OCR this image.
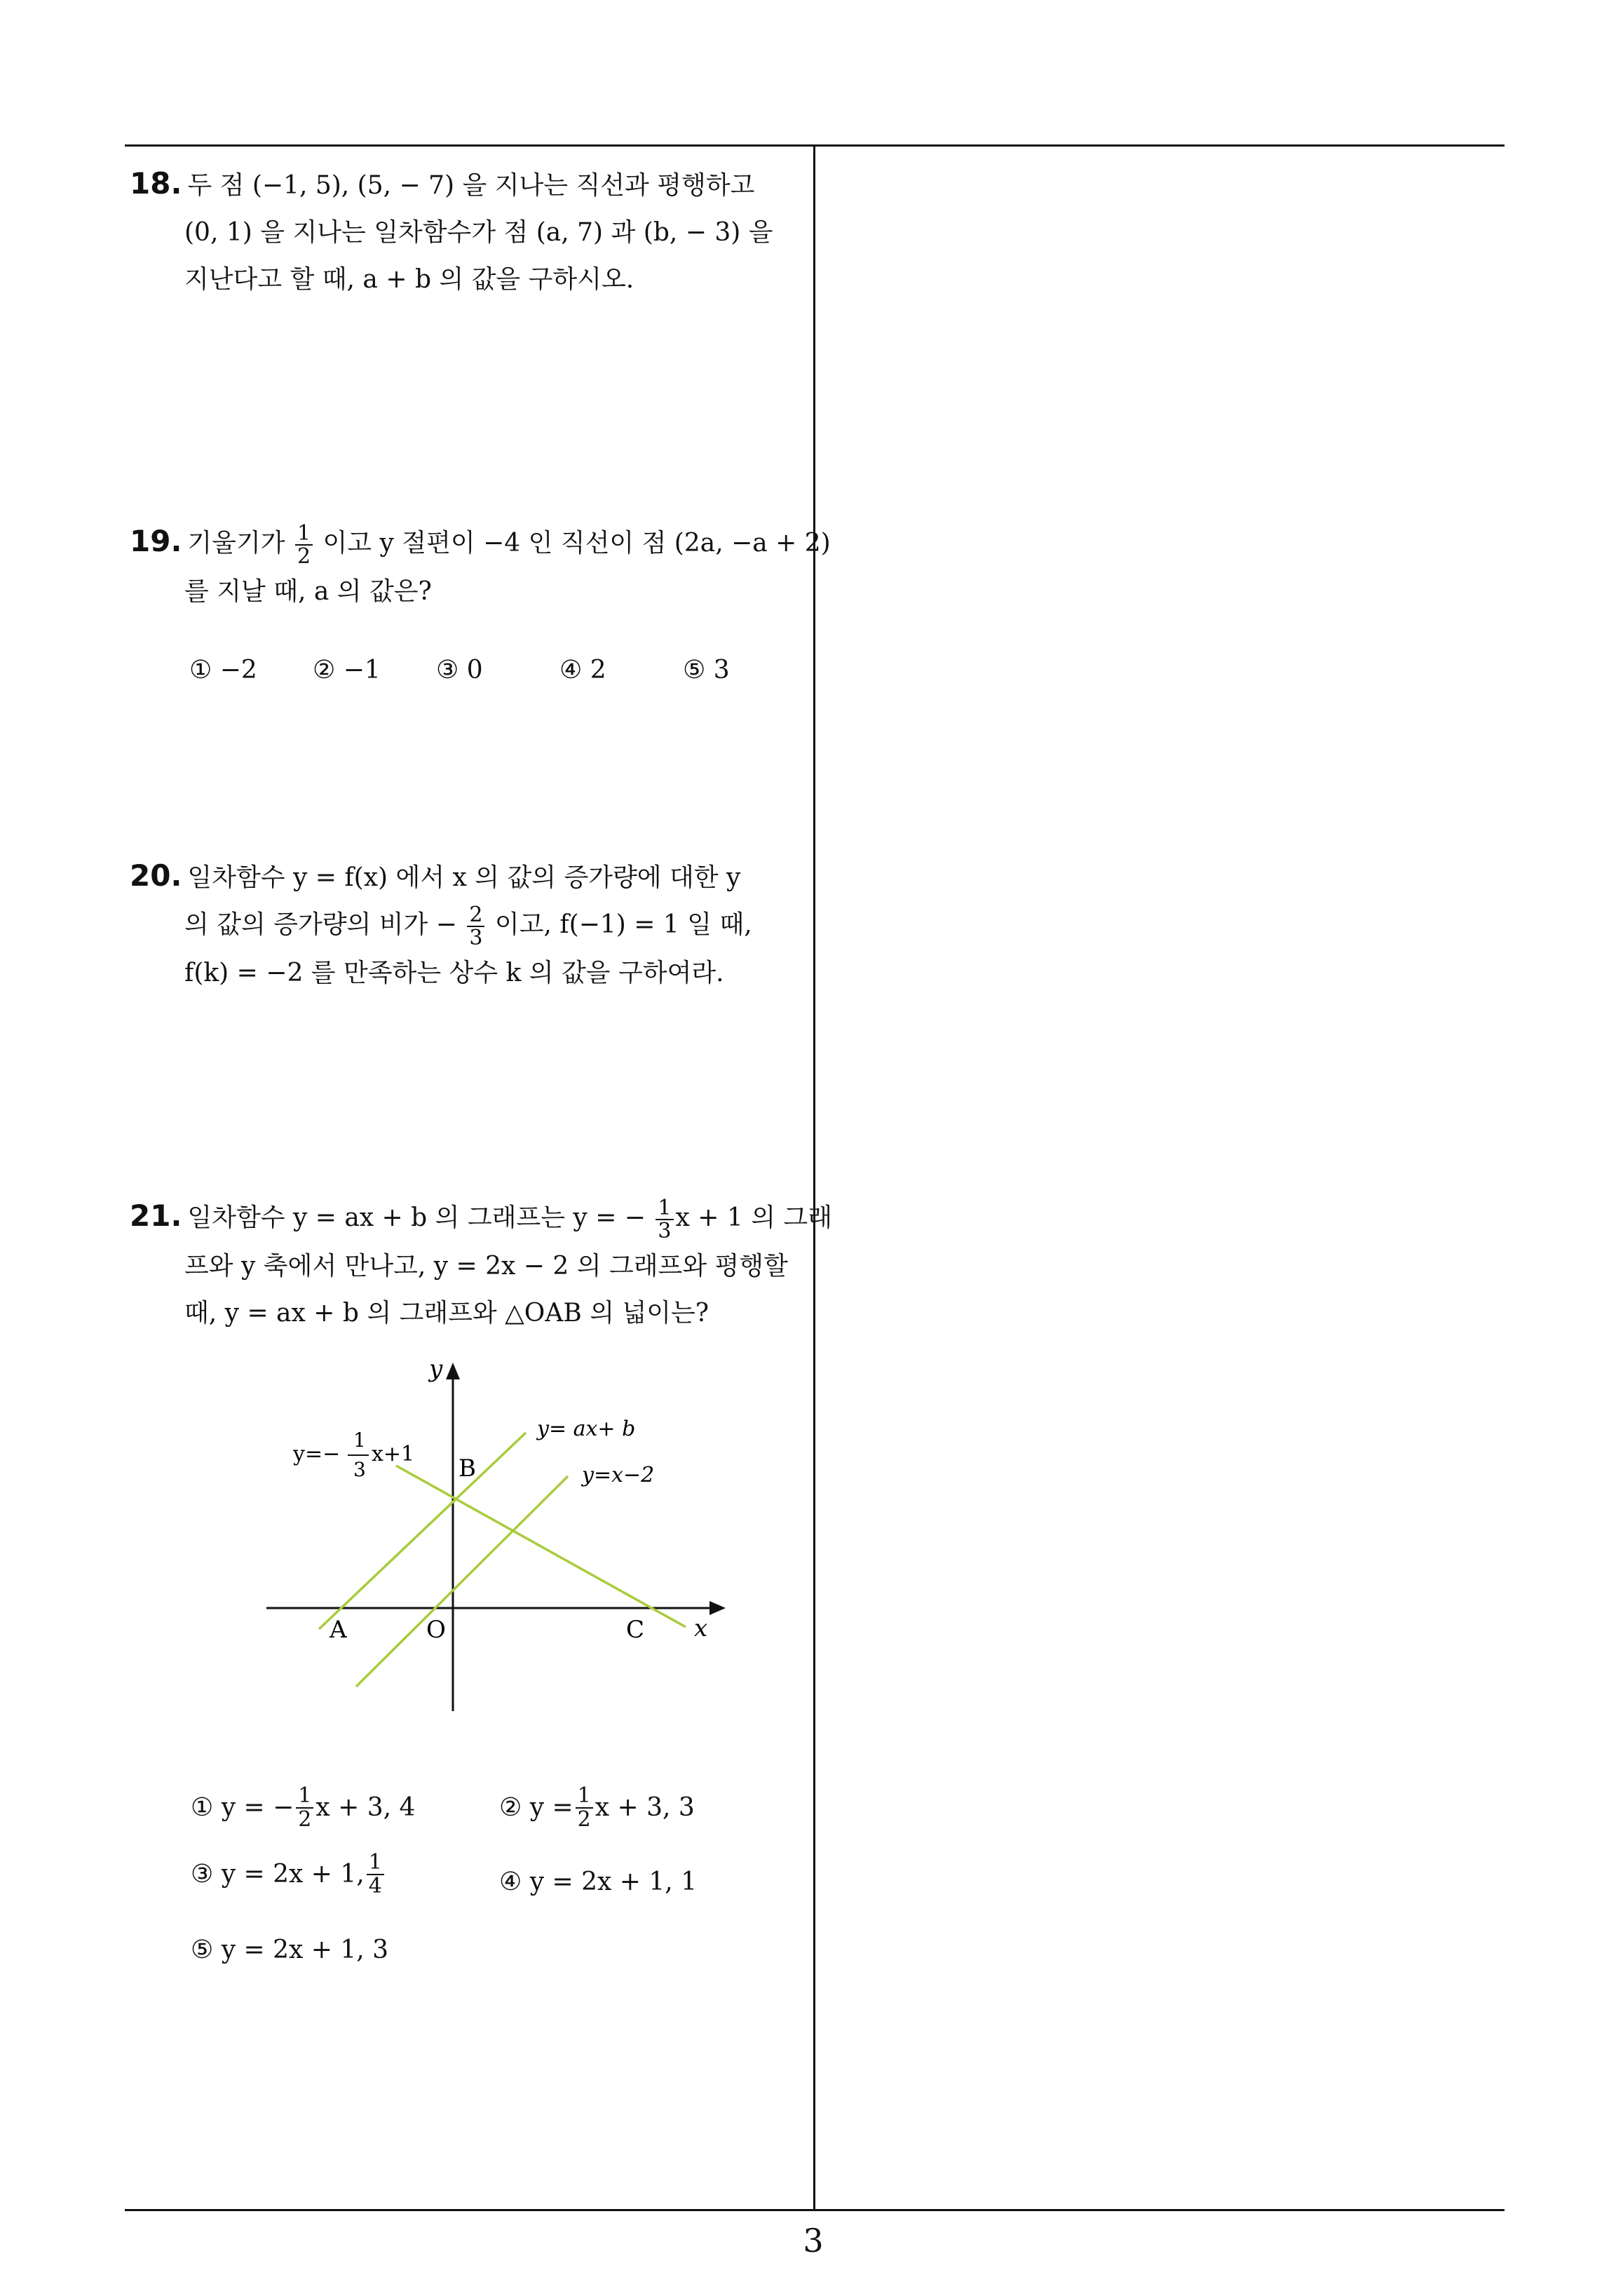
3
18. 두 점 (−1, 5), (5, − 7) 을 지나는 직선과 평행하고
(0, 1) 을 지나는 일차함수가 점 (a, 7) 과 (b, − 3) 을
지난다고 할 때, a + b 의 값을 구하시오.
19. 기울기가 $\frac{1}{2}$ 이고 y 절편이 −4 인 직선이 점 (2a, −a + 2)
를 지날 때, a 의 값은?
① −2	② −1	③ 0	④ 2	⑤ 3
20. 일차함수 y = f(x) 에서 x 의 값의 증가량에 대한 y
의 값의 증가량의 비가 − $\frac{2}{3}$ 이고, f(−1) = 1 일 때,
f(k) = −2 를 만족하는 상수 k 의 값을 구하여라.
21. 일차함수 y = ax + b 의 그래프는 y = − $\frac{1}{3}$ x + 1 의 그래
프와 y 축에서 만나고, y = 2x − 2 의 그래프와 평행할
때, y = ax + b 의 그래프와 △OAB 의 넓이는?
y
x
y=−
1
3
x+1
y= ax+ b
y=x−2
B
A	O	C
① y = − $\frac{1}{2}$ x + 3, 4	② $y = \frac{1}{2}$ x + 3, 3
③ y = 2x + 1, $\frac{1}{4}$	④ y = 2x + 1, 1
⑤ y = 2x + 1, 3
